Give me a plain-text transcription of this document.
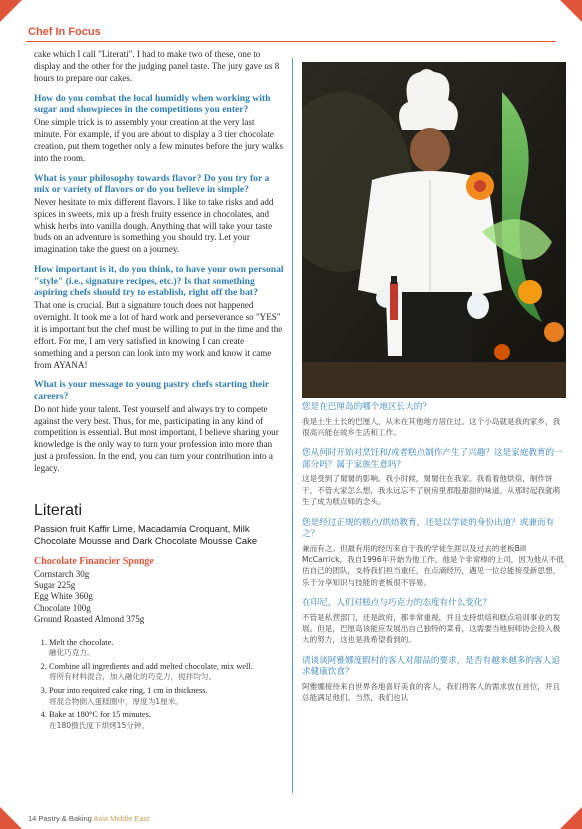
Chef In Focus

cake which I call "Literati". I had to make two of these, one to display and the other for the judging panel taste. The jury gave us 8 hours to prepare our cakes.

How do you combat the local humidly when working with sugar and showpieces in the competitions you enter?

One simple trick is to assembly your creation at the very last minute. For example, if you are about to display a 3 tier chocolate creation, put them together only a few minutes before the jury walks into the room.

What is your philosophy towards flavor? Do you try for a mix or variety of flavors or do you believe in simple?

Never hesitate to mix different flavors. I like to take risks and add spices in sweets, mix up a fresh fruity essence in chocolates, and whisk herbs into vanilla dough. Anything that will take your taste buds on an adventure is something you should try. Let your imagination take the guest on a journey.

How important is it, do you think, to have your own personal "style" (i.e., signature recipes, etc.)? Is that something aspiring chefs should try to establish, right off the bat?

That one is crucial. But a signature touch does not happened overnight. It took me a lot of hard work and perseverance so "YES" it is important but the chef must be willing to put in the time and the effort. For me, I am very satisfied in knowing I can create something and a person can look into my work and know it came from AYANA!

What is your message to young pastry chefs starting their careers?

Do not hide your talent. Test yourself and always try to compete against the very best. Thus, for me, participating in any kind of competition is essential. But most important, I believe sharing your knowledge is the only way to turn your profession into more than just a profession. In the end, you can turn your contribution into a legacy.

Literati
Passion fruit Kaffir Lime, Macadamia Croquant, Milk Chocolate Mousse and Dark Chocolate Mousse Cake
Chocolate Financier Sponge
Cornstarch 30g
Sugar 225g
Egg White 360g
Chocolate 100g
Ground Roasted Almond 375g
1. Melt the chocolate.
融化巧克力。
2. Combine all ingredients and add melted chocolate, mix well.
将所有材料混合，加入融化的巧克力，搅拌均匀。
3. Pour into required cake ring, 1 cm in thickness.
将混合物倒入蛋糕圈中，厚度为1厘米。
4. Bake at 180°C for 15 minutes.
在180摄氏度下烘烤15分钟。
您是在巴厘岛的哪个地区长大的？
我是土生土长的巴厘人，从未在其他地方居住过。这个小岛就是我的家乡，我很高兴能在故乡生活和工作。
您从何时开始对烹饪和/或者糕点制作产生了兴趣？这是家庭教育的一部分吗？属于家族生意吗？
这是受到了舅舅的影响。我小时候，舅舅住在我家。我看着他烘焙，制作饼干，不管大家怎么想，我永远忘不了厨房里那股甜甜的味道。从那时起我就萌生了成为糕点师的念头。
您是经过正规的糕点/烘焙教育，还是以学徒的身份出道？或兼而有之？
兼而有之。但最有用的经历来自于我的学徒生涯以及过去的老板Bill McCarrick。我自1996年开始为他工作，他是个非常棒的上司，因为他从不低估自己的团队，支持我们担当重任，在点滴经历，遇见一位总能接受新思想，乐于分享知识与技能的老板很不容易。
在印尼，人们对糕点与巧克力的态度有什么变化？
不管是私营部门，还是政府，都非常重视，并且支持烘焙和糕点培训事业的发展。但是，巴厘岛该能应发展出自己独特的菜肴，这需要当地厨师协会投入极大的努力，这也是我希望看到的。
请谈谈阿雅娜度假村的客人对甜品的要求，是否有越来越多的客人追求健康饮食？
阿雅娜接待来自世界各地喜好美食的客人，我们将客人的需求放在首位，并且总能满足他们。当然，我们也认
14 Pastry & Baking Asia Middle East
